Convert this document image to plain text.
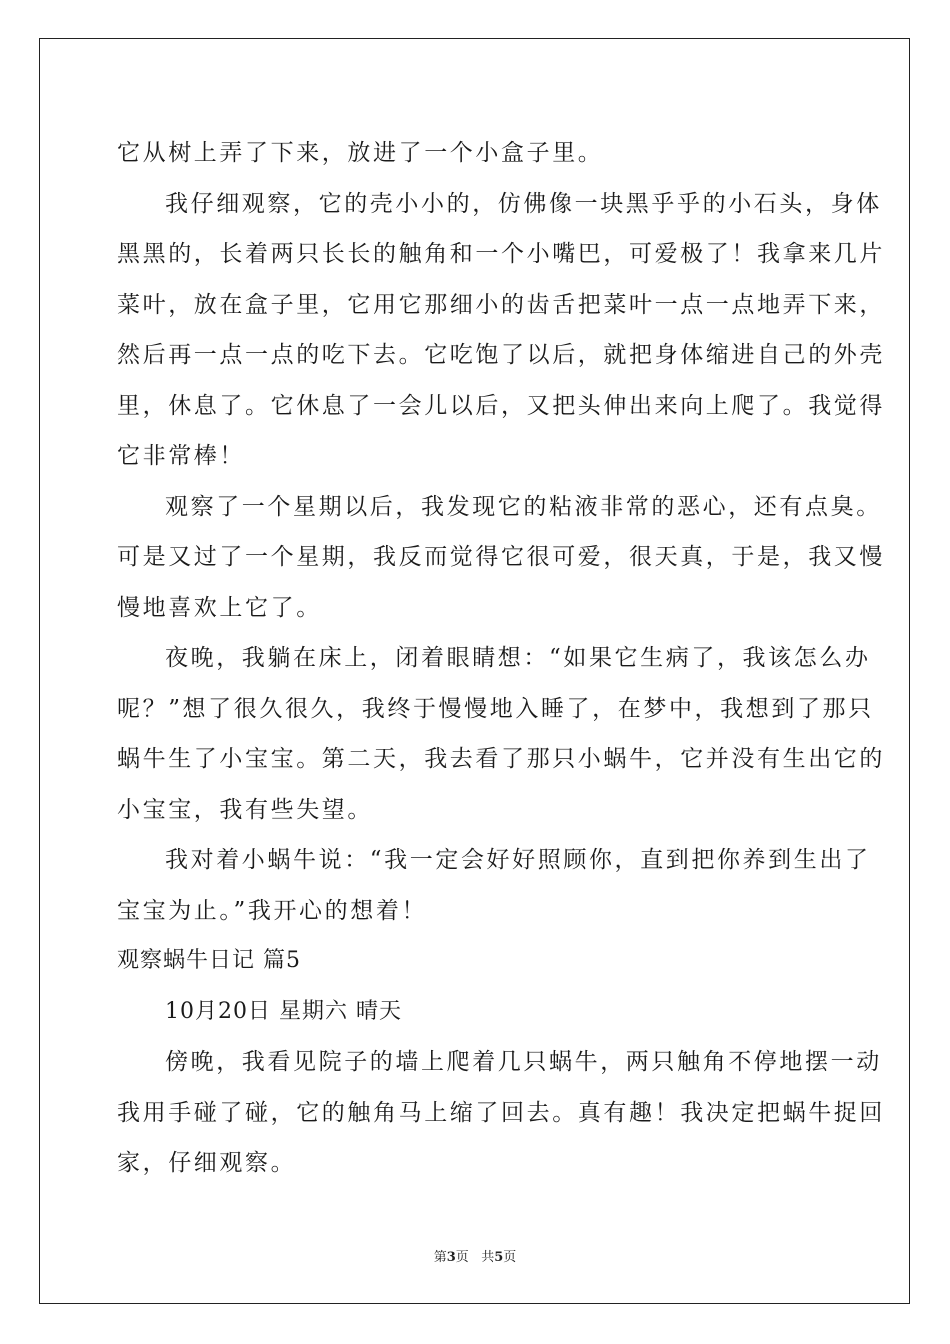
它从树上弄了下来，放进了一个小盒子里。
我仔细观察，它的壳小小的，仿佛像一块黑乎乎的小石头，身体
黑黑的，长着两只长长的触角和一个小嘴巴，可爱极了！我拿来几片
菜叶，放在盒子里，它用它那细小的齿舌把菜叶一点一点地弄下来，
然后再一点一点的吃下去。它吃饱了以后，就把身体缩进自己的外壳
里，休息了。它休息了一会儿以后，又把头伸出来向上爬了。我觉得
它非常棒！
观察了一个星期以后，我发现它的粘液非常的恶心，还有点臭。
可是又过了一个星期，我反而觉得它很可爱，很天真，于是，我又慢
慢地喜欢上它了。
夜晚，我躺在床上，闭着眼睛想：“如果它生病了，我该怎么办
呢？”想了很久很久，我终于慢慢地入睡了，在梦中，我想到了那只
蜗牛生了小宝宝。第二天，我去看了那只小蜗牛，它并没有生出它的
小宝宝，我有些失望。
我对着小蜗牛说：“我一定会好好照顾你，直到把你养到生出了
宝宝为止。”我开心的想着！
观察蜗牛日记 篇5
10月20日 星期六 晴天
傍晚，我看见院子的墙上爬着几只蜗牛，两只触角不停地摆一动
我用手碰了碰，它的触角马上缩了回去。真有趣！我决定把蜗牛捉回
家，仔细观察。
第3页 共5页
